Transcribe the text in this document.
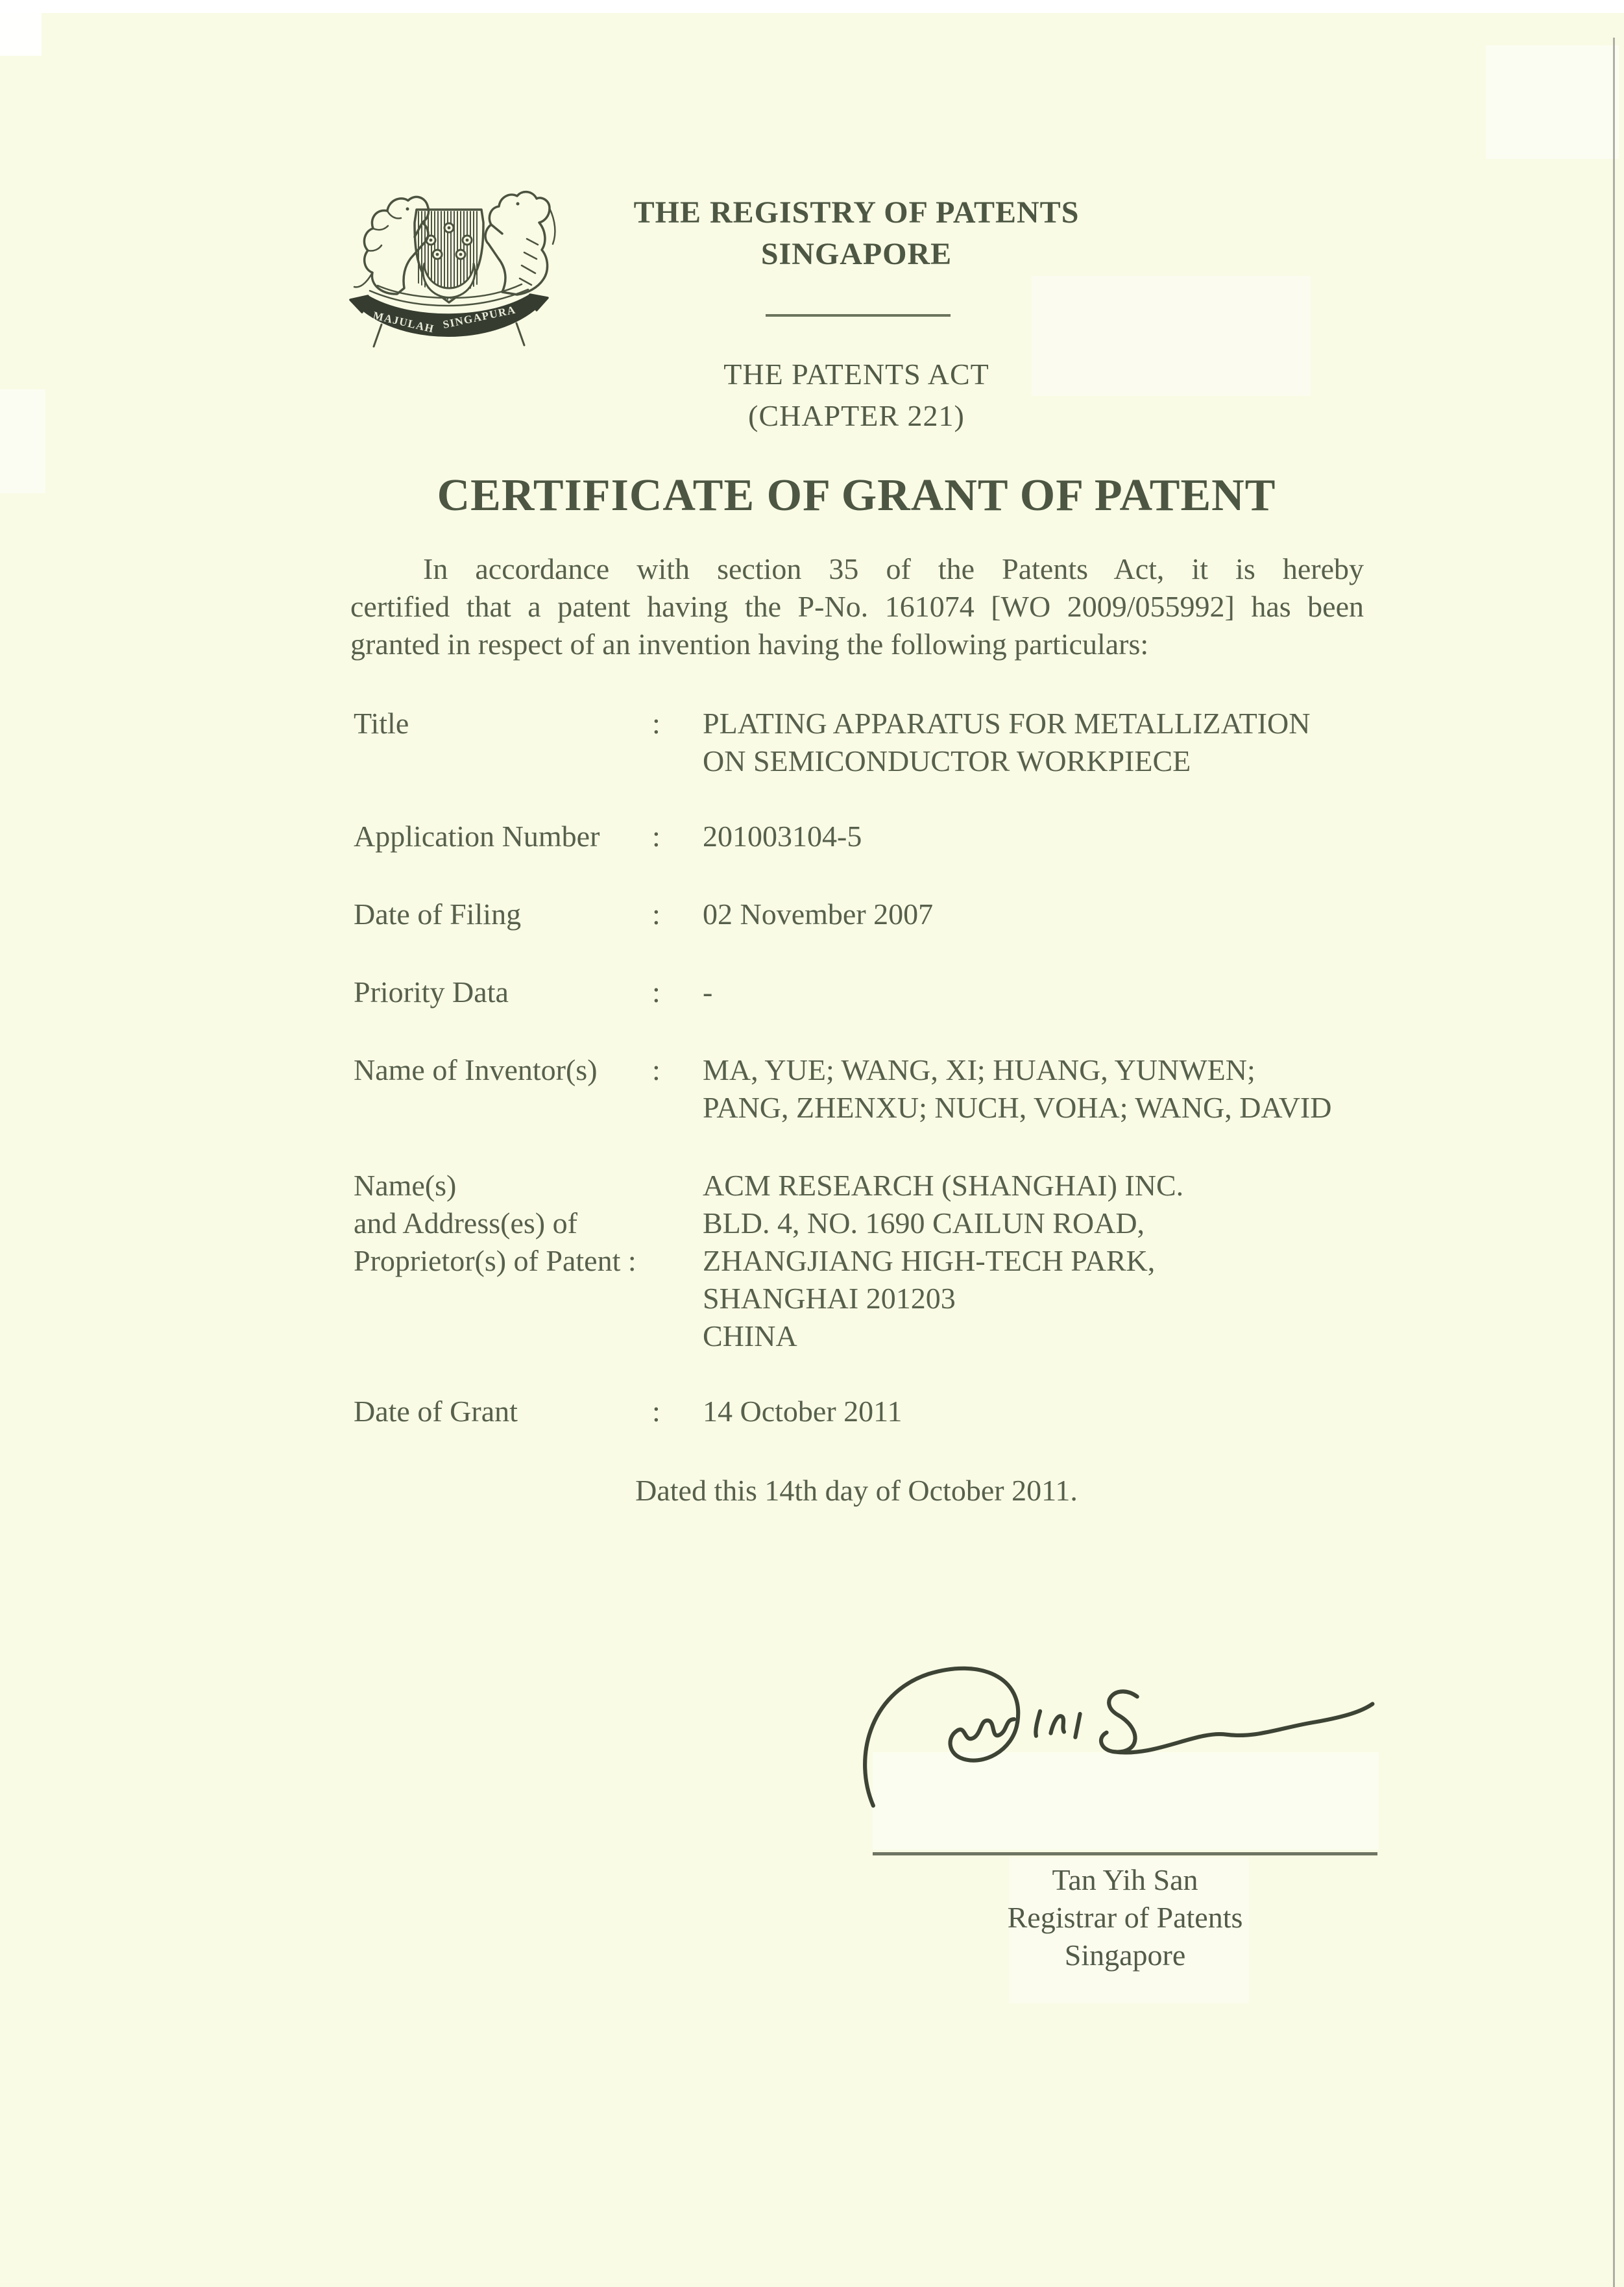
MAJULAH SINGAPURA
THE REGISTRY OF PATENTS
SINGAPORE
THE PATENTS ACT
(CHAPTER 221)
CERTIFICATE OF GRANT OF PATENT
In accordance with section 35 of the Patents Act, it is hereby
certified that a patent having the P-No. 161074 [WO 2009/055992] has been
granted in respect of an invention having the following particulars:
Title	:	PLATING APPARATUS FOR METALLIZATION
ON SEMICONDUCTOR WORKPIECE
Application Number	:	201003104-5
Date of Filing	:	02 November 2007
Priority Data	:	-
Name of Inventor(s)	:	MA, YUE; WANG, XI; HUANG, YUNWEN;
PANG, ZHENXU; NUCH, VOHA; WANG, DAVID
Name(s)
and Address(es) of
Proprietor(s) of Patent :
ACM RESEARCH (SHANGHAI) INC.
BLD. 4, NO. 1690 CAILUN ROAD,
ZHANGJIANG HIGH-TECH PARK,
SHANGHAI 201203
CHINA
Date of Grant	:	14 October 2011
Dated this 14th day of October 2011.
Tan Yih San
Registrar of Patents
Singapore
